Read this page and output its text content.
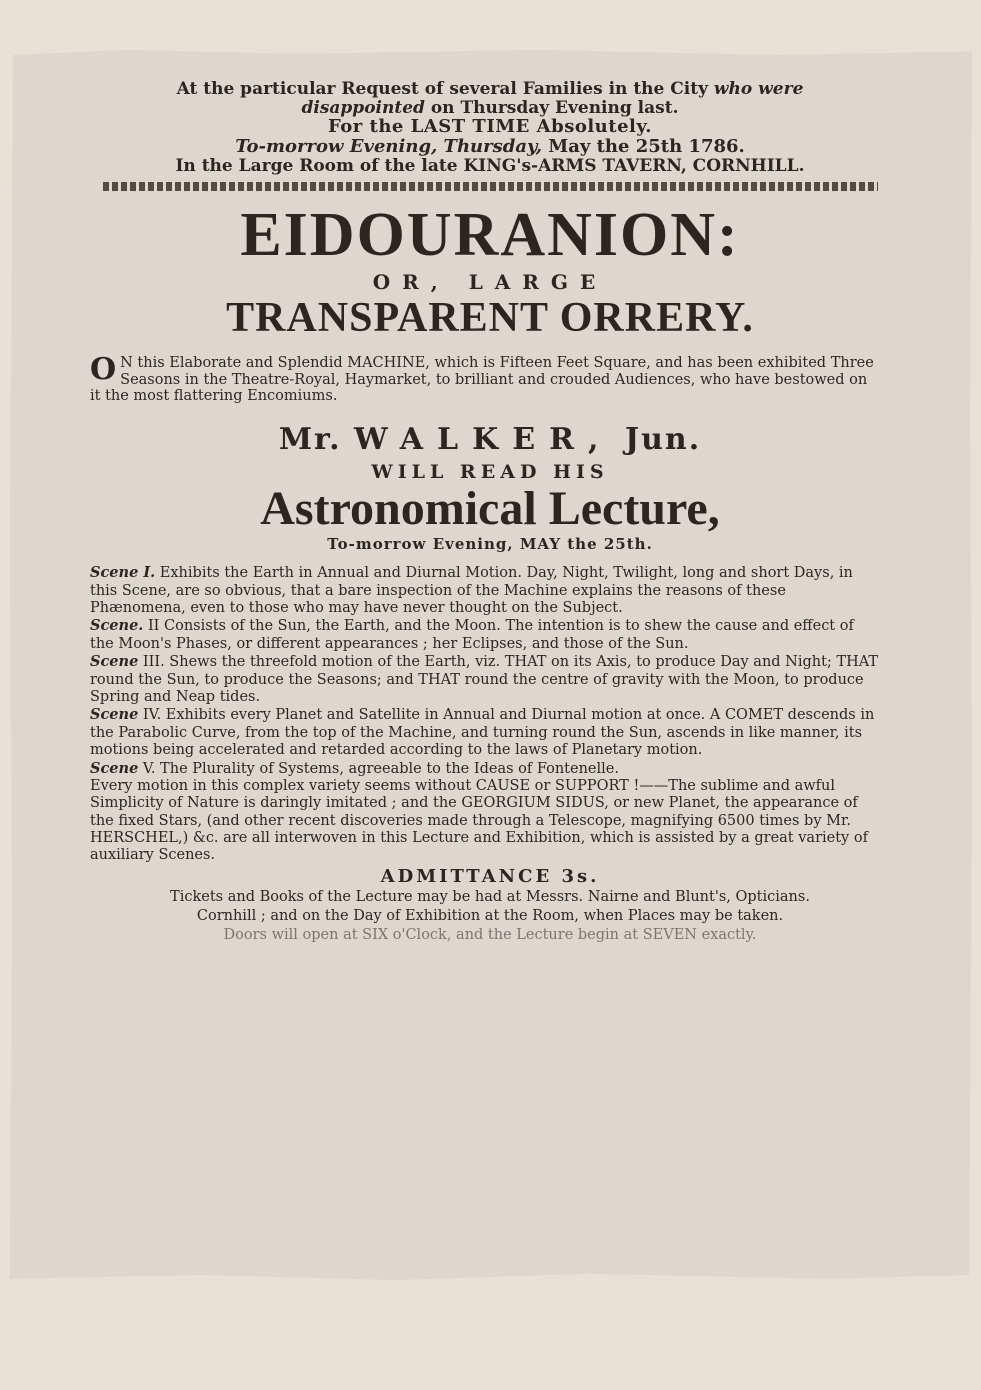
At the particular Request of several Families in the City who were

disappointed on Thursday Evening last.

For the LAST TIME Absolutely.

To-morrow Evening, Thursday, May the 25th 1786.

In the Large Room of the late KING's-ARMS TAVERN, CORNHILL.

EIDOURANION:

OR, LARGE

TRANSPARENT ORRERY.

O N this Elaborate and Splendid MACHINE, which is Fifteen Feet Square, and has been exhibited Three Seasons in the Theatre-Royal, Haymarket, to brilliant and crouded Audiences, who have bestowed on it the most flattering Encomiums.

Mr. WALKER, Jun.

WILL READ HIS

Astronomical Lecture,

To-morrow Evening, MAY the 25th.

Scene I. Exhibits the Earth in Annual and Diurnal Motion. Day, Night, Twilight, long and short Days, in this Scene, are so obvious, that a bare inspection of the Machine explains the reasons of these Phænomena, even to those who may have never thought on the Subject.

Scene. II Consists of the Sun, the Earth, and the Moon. The intention is to shew the cause and effect of the Moon's Phases, or different appearances ; her Eclipses, and those of the Sun.

Scene III. Shews the threefold motion of the Earth, viz. THAT on its Axis, to produce Day and Night; THAT round the Sun, to produce the Seasons; and THAT round the centre of gravity with the Moon, to produce Spring and Neap tides.

Scene IV. Exhibits every Planet and Satellite in Annual and Diurnal motion at once. A COMET descends in the Parabolic Curve, from the top of the Machine, and turning round the Sun, ascends in like manner, its motions being accelerated and retarded according to the laws of Planetary motion.

Scene V. The Plurality of Systems, agreeable to the Ideas of Fontenelle.

Every motion in this complex variety seems without CAUSE or SUPPORT !——The sublime and awful Simplicity of Nature is daringly imitated ; and the GEORGIUM SIDUS, or new Planet, the appearance of the fixed Stars, (and other recent discoveries made through a Telescope, magnifying 6500 times by Mr. HERSCHEL,) &c. are all interwoven in this Lecture and Exhibition, which is assisted by a great variety of auxiliary Scenes.

ADMITTANCE 3s.

Tickets and Books of the Lecture may be had at Messrs. Nairne and Blunt's, Opticians.

Cornhill ; and on the Day of Exhibition at the Room, when Places may be taken.

Doors will open at SIX o'Clock, and the Lecture begin at SEVEN exactly.
